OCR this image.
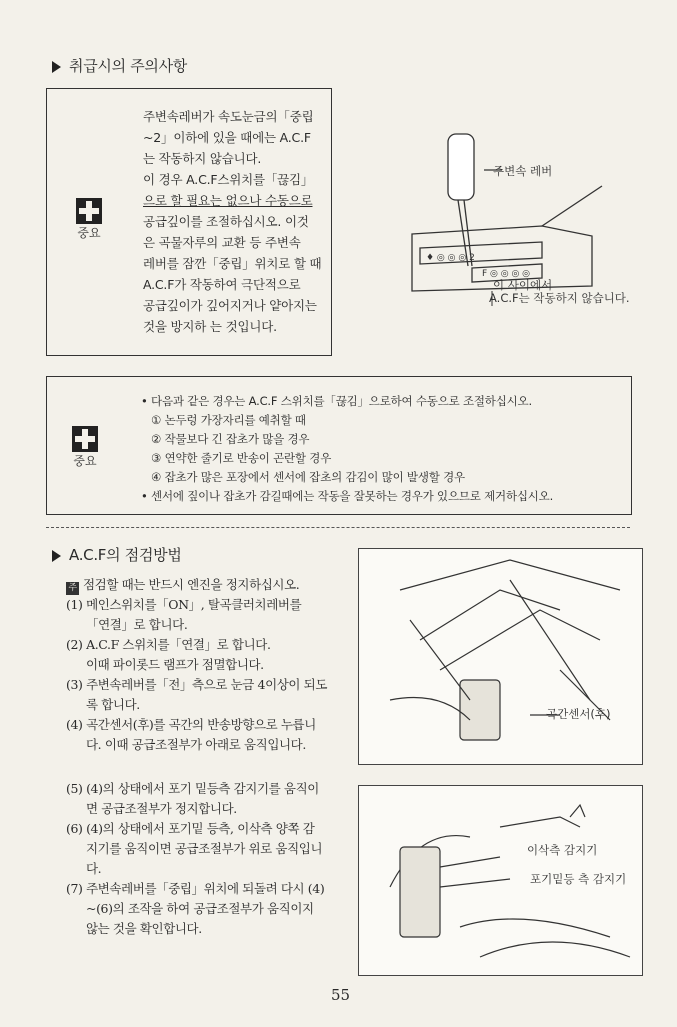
취급시의 주의사항
중요
주변속레버가 속도눈금의「중립
~2」이하에 있을 때에는 A.C.F
는 작동하지 않습니다.
이 경우 A.C.F스위치를「끊김」
으로 할 필요는 없으나 수동으로
공급깊이를 조절하십시오. 이것
은 곡물자루의 교환 등 주변속
레버를 잠깐「중립」위치로 할 때
A.C.F가 작동하여 극단적으로
공급깊이가 깊어지거나 얕아지는
것을 방지하 는 것입니다.
♦ ◎ ◎ ◎ 2
F ◎ ◎ ◎ ◎
주변속 레버
이 사이에서
A.C.F는 작동하지 않습니다.
중요
• 다음과 같은 경우는 A.C.F 스위치를「끊김」으로하여 수동으로 조절하십시오.
① 논두렁 가장자리를 예취할 때
② 작물보다 긴 잡초가 많을 경우
③ 연약한 줄기로 반송이 곤란할 경우
④ 잡초가 많은 포장에서 센서에 잡초의 감김이 많이 발생할 경우
• 센서에 짚이나 잡초가 감길때에는 작동을 잘못하는 경우가 있으므로 제거하십시오.
A.C.F의 점검방법
주 점검할 때는 반드시 엔진을 정지하십시오.
(1) 메인스위치를「ON」, 탈곡클러치레버를
「연결」로 합니다.
(2) A.C.F 스위치를「연결」로 합니다.
이때 파이롯드 램프가 점멸합니다.
(3) 주변속레버를「전」측으로 눈금 4이상이 되도
록 합니다.
(4) 곡간센서(후)를 곡간의 반송방향으로 누릅니
다. 이때 공급조절부가 아래로 움직입니다.
곡간센서(후)
(5) (4)의 상태에서 포기 밑등측 감지기를 움직이
면 공급조절부가 정지합니다.
(6) (4)의 상태에서 포기밑 등측, 이삭측 양쪽 감
지기를 움직이면 공급조절부가 위로 움직입니
다.
(7) 주변속레버를「중립」위치에 되돌려 다시 (4)
~(6)의 조작을 하여 공급조절부가 움직이지
않는 것을 확인합니다.
이삭측 감지기
포기밑등 측 감지기
55
